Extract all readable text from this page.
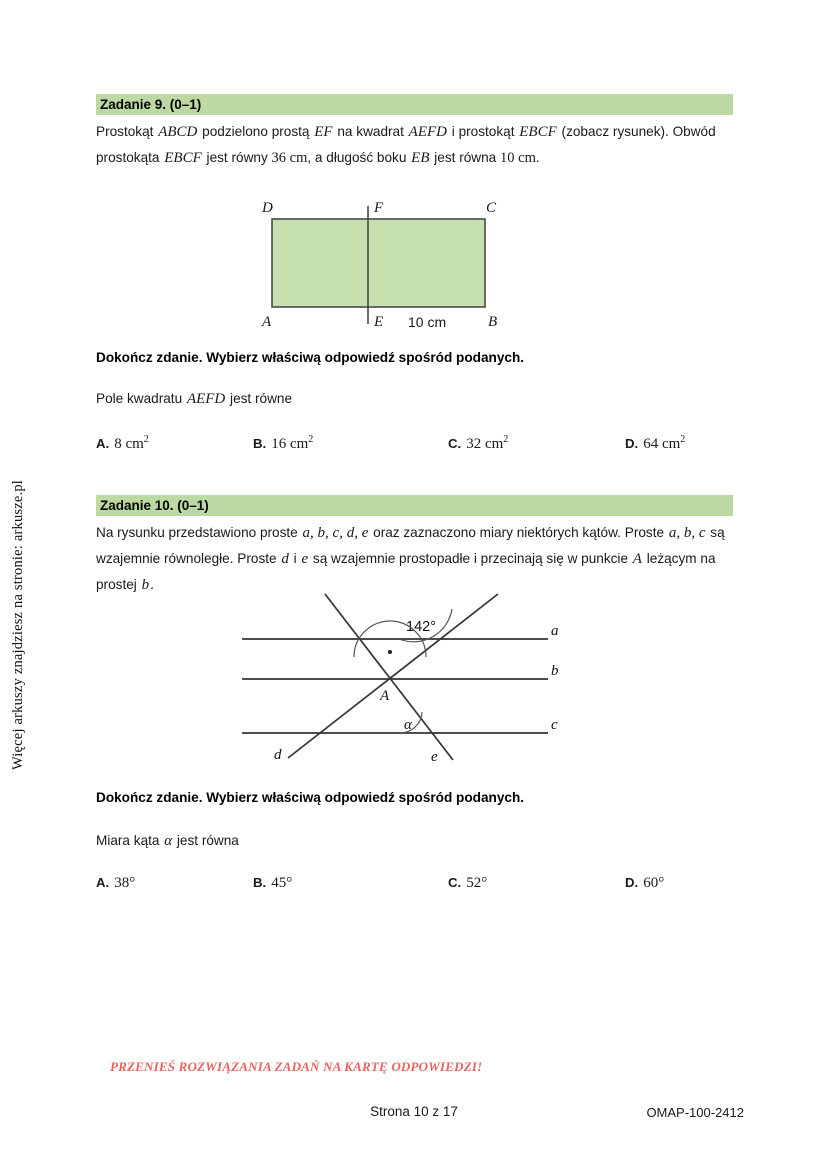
Więcej arkuszy znajdziesz na stronie: arkusze.pl
Zadanie 9. (0–1)
Prostokąt ABCD podzielono prostą EF na kwadrat AEFD i prostokąt EBCF (zobacz rysunek). Obwód prostokąta EBCF jest równy 36 cm, a długość boku EB jest równa 10 cm.
D	F	C
A	E	B
10 cm
Dokończ zdanie. Wybierz właściwą odpowiedź spośród podanych.
Pole kwadratu AEFD jest równe
A. 8 $cm^2$	B. 16 $cm^2$	C. 32 $cm^2$	D. 64 $cm^2$
Zadanie 10. (0–1)
Na rysunku przedstawiono proste a, b, c, d, e oraz zaznaczono miary niektórych kątów. Proste a, b, c są wzajemnie równoległe. Proste d i e są wzajemnie prostopadłe i przecinają się w punkcie A leżącym na prostej b.
142°
α
A
a
b
c
d	e
Dokończ zdanie. Wybierz właściwą odpowiedź spośród podanych.
Miara kąta α jest równa
A. 38°	B. 45°	C. 52°	D. 60°
PRZENIEŚ ROZWIĄZANIA ZADAŃ NA KARTĘ ODPOWIEDZI!
Strona 10 z 17	OMAP-100-2412
